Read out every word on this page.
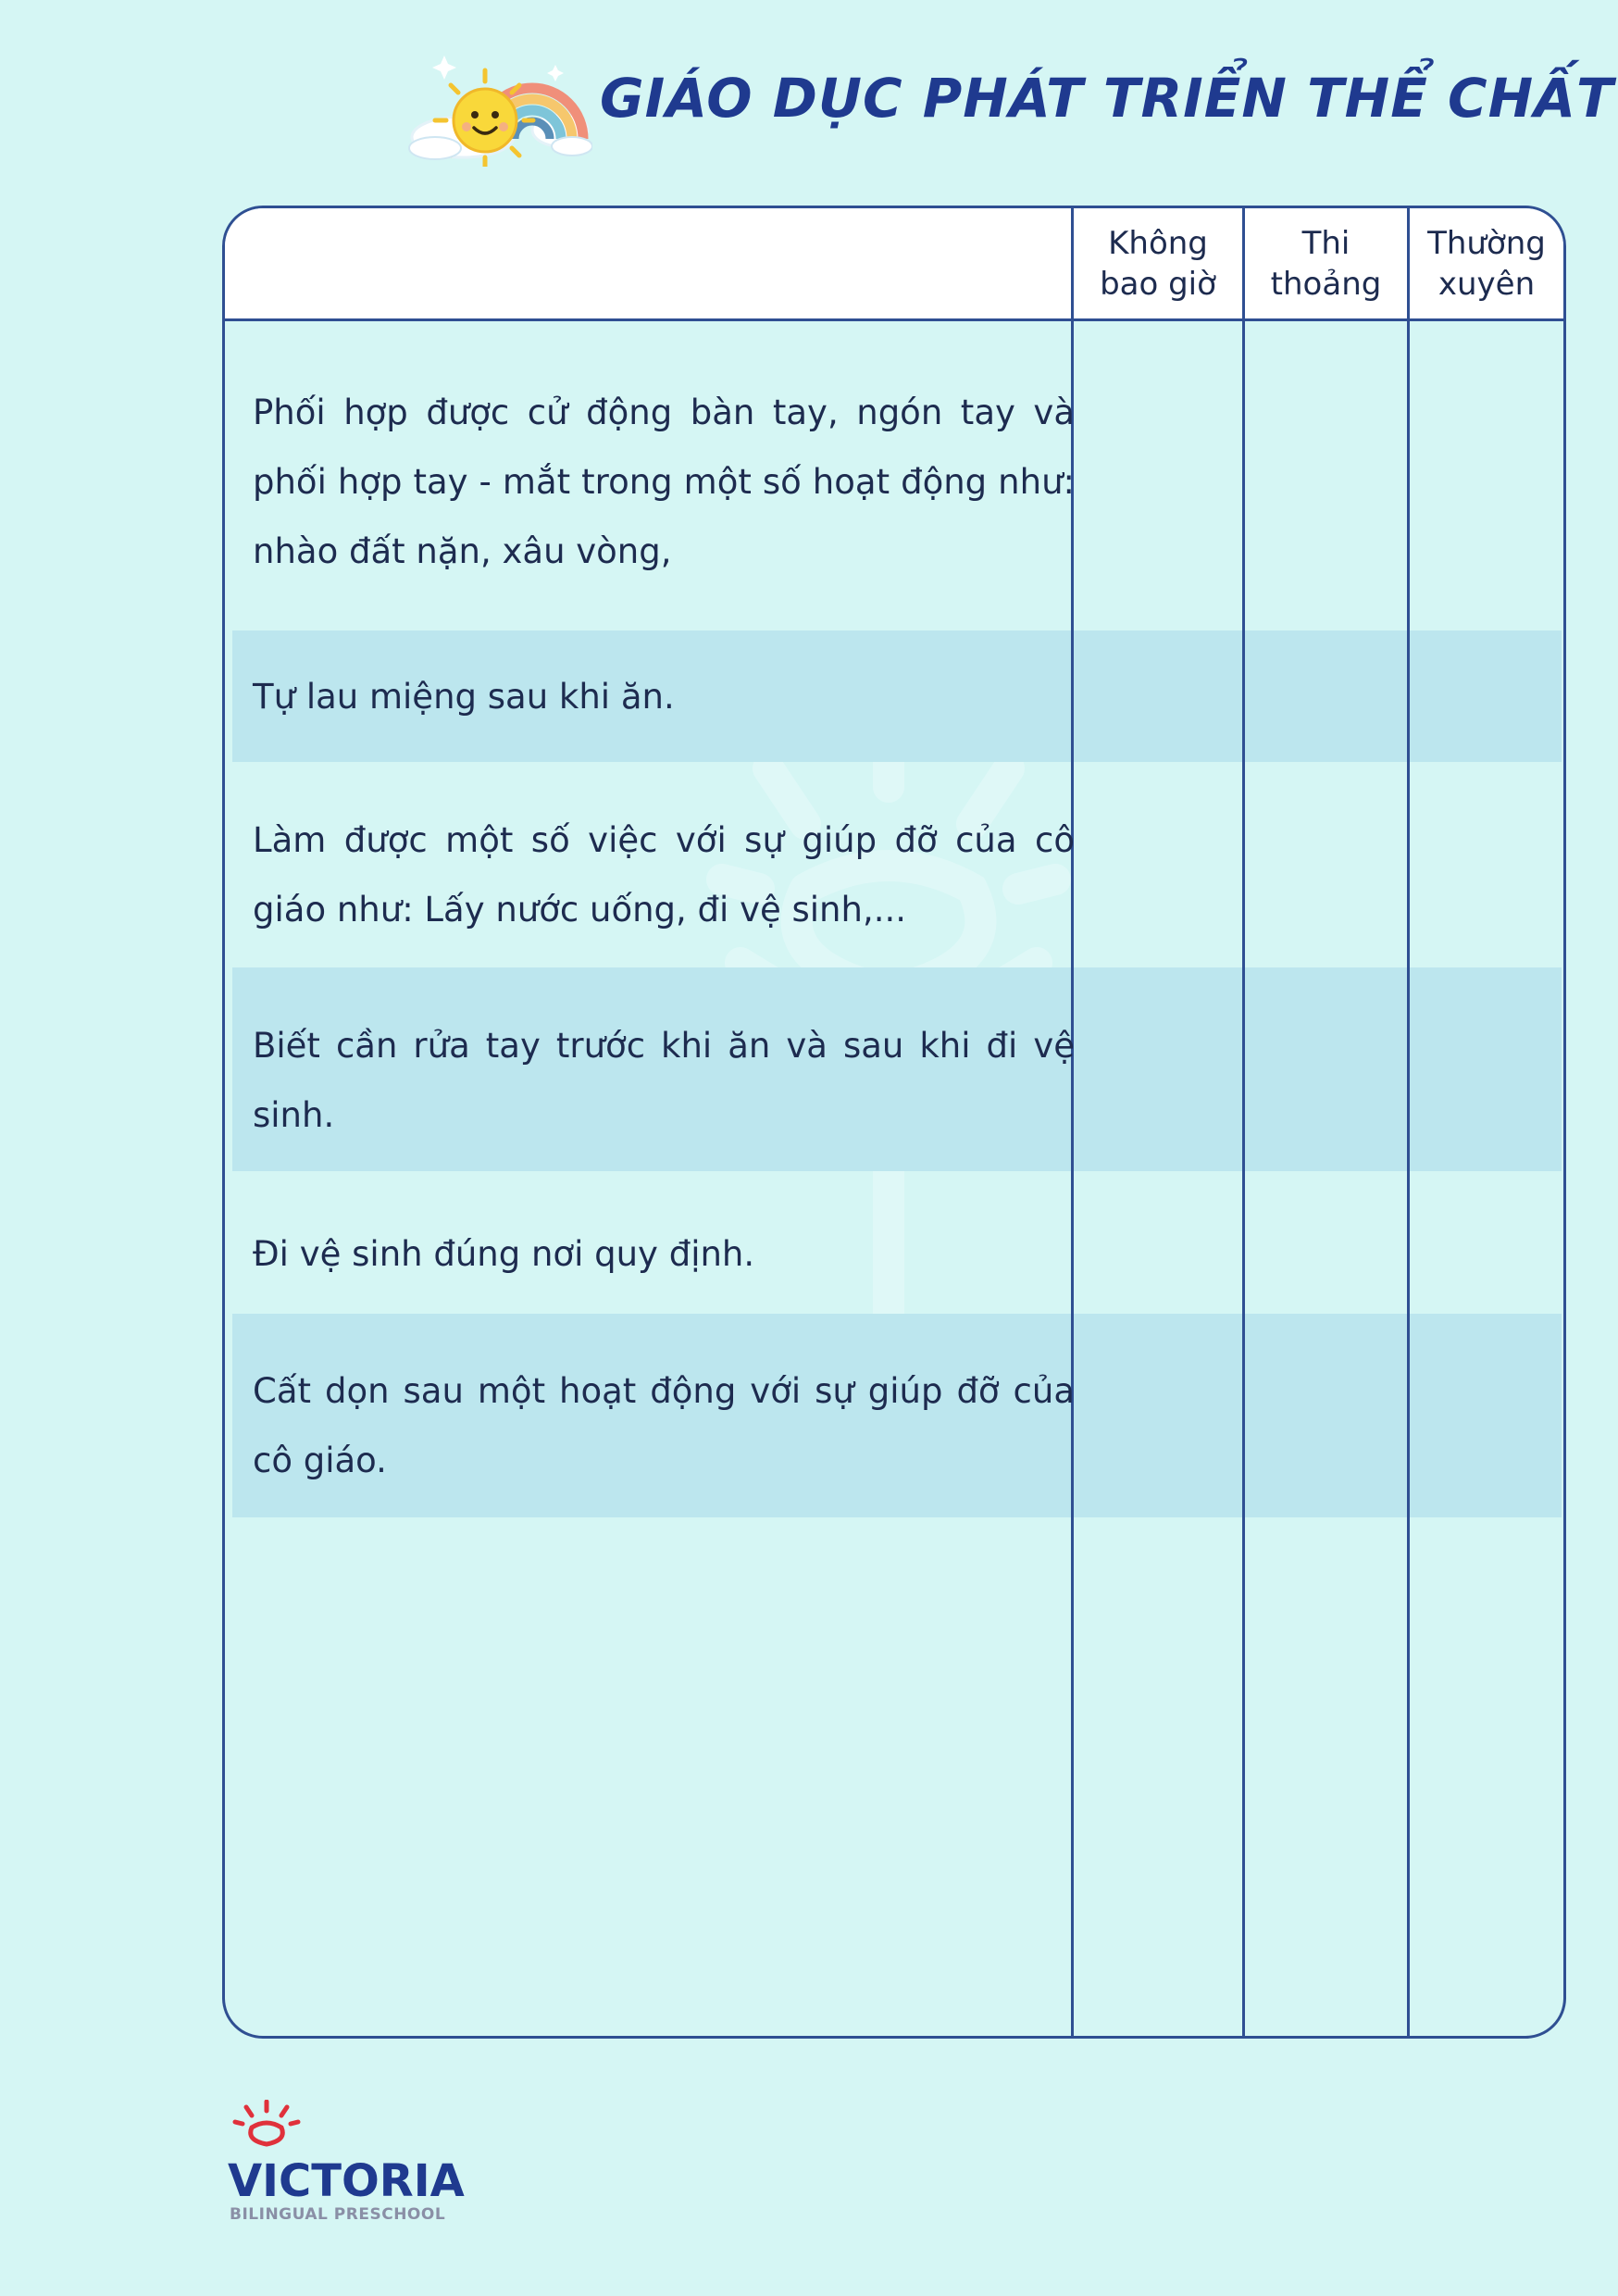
GIÁO DỤC PHÁT TRIỂN THỂ CHẤT
Không
bao giờ
Thi
thoảng
Thường
xuyên
Phối hợp được cử động bàn tay, ngón tay và phối hợp tay - mắt trong một số hoạt động như: nhào đất nặn, xâu vòng,
Tự lau miệng sau khi ăn.
Làm được một số việc với sự giúp đỡ của cô giáo như: Lấy nước uống, đi vệ sinh,...
Biết cần rửa tay trước khi ăn và sau khi đi vệ sinh.
Đi vệ sinh đúng nơi quy định.
Cất dọn sau một hoạt động với sự giúp đỡ của cô giáo.
VICTORIA
BILINGUAL PRESCHOOL
